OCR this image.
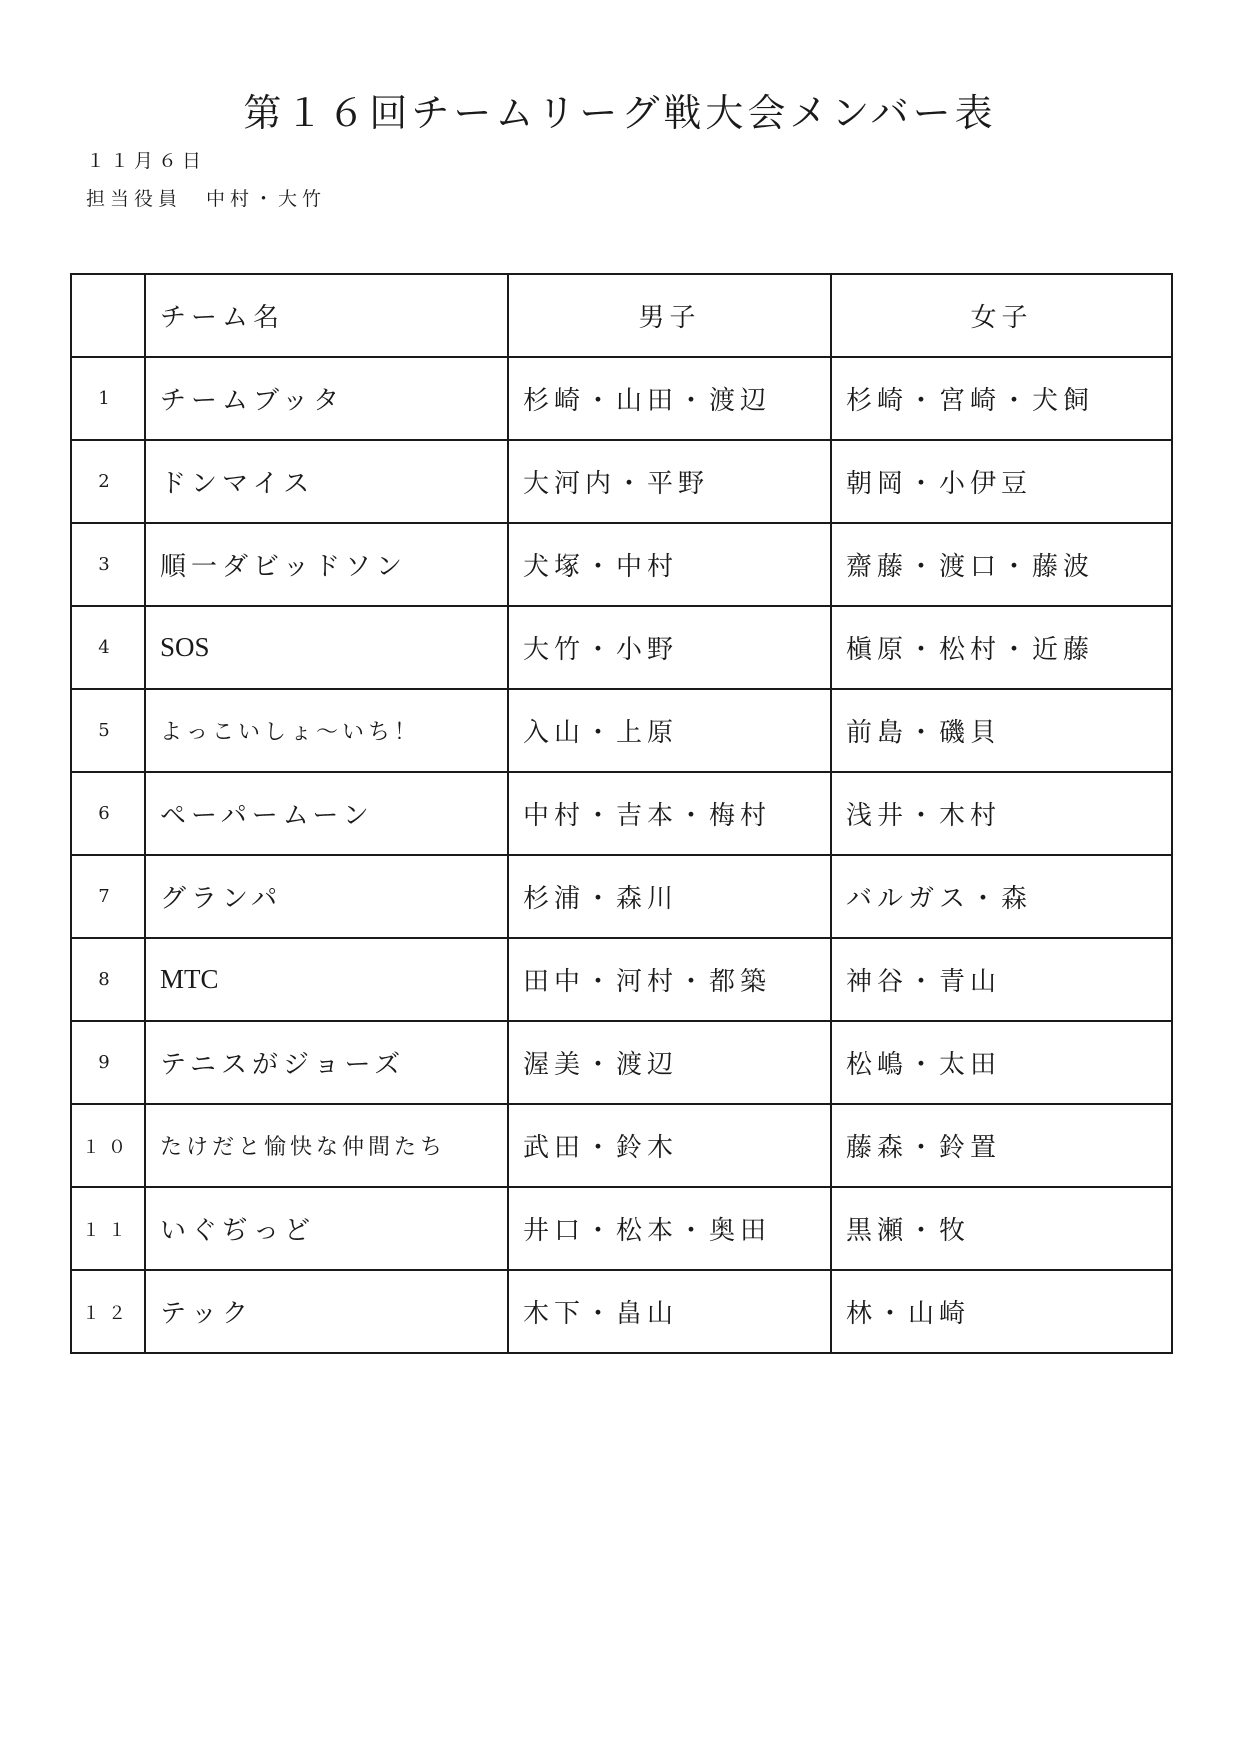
第１６回チームリーグ戦大会メンバー表
１１月６日
担当役員　中村・大竹
	チーム名	男子	女子
1	チームブッタ	杉崎・山田・渡辺	杉崎・宮崎・犬飼
2	ドンマイス	大河内・平野	朝岡・小伊豆
3	順一ダビッドソン	犬塚・中村	齋藤・渡口・藤波
4	SOS	大竹・小野	槇原・松村・近藤
5	よっこいしょ～いち！	入山・上原	前島・磯貝
6	ペーパームーン	中村・吉本・梅村	浅井・木村
7	グランパ	杉浦・森川	バルガス・森
8	MTC	田中・河村・都築	神谷・青山
9	テニスがジョーズ	渥美・渡辺	松嶋・太田
１０	たけだと愉快な仲間たち	武田・鈴木	藤森・鈴置
１１	いぐぢっど	井口・松本・奥田	黒瀬・牧
１２	テック	木下・畠山	林・山崎
